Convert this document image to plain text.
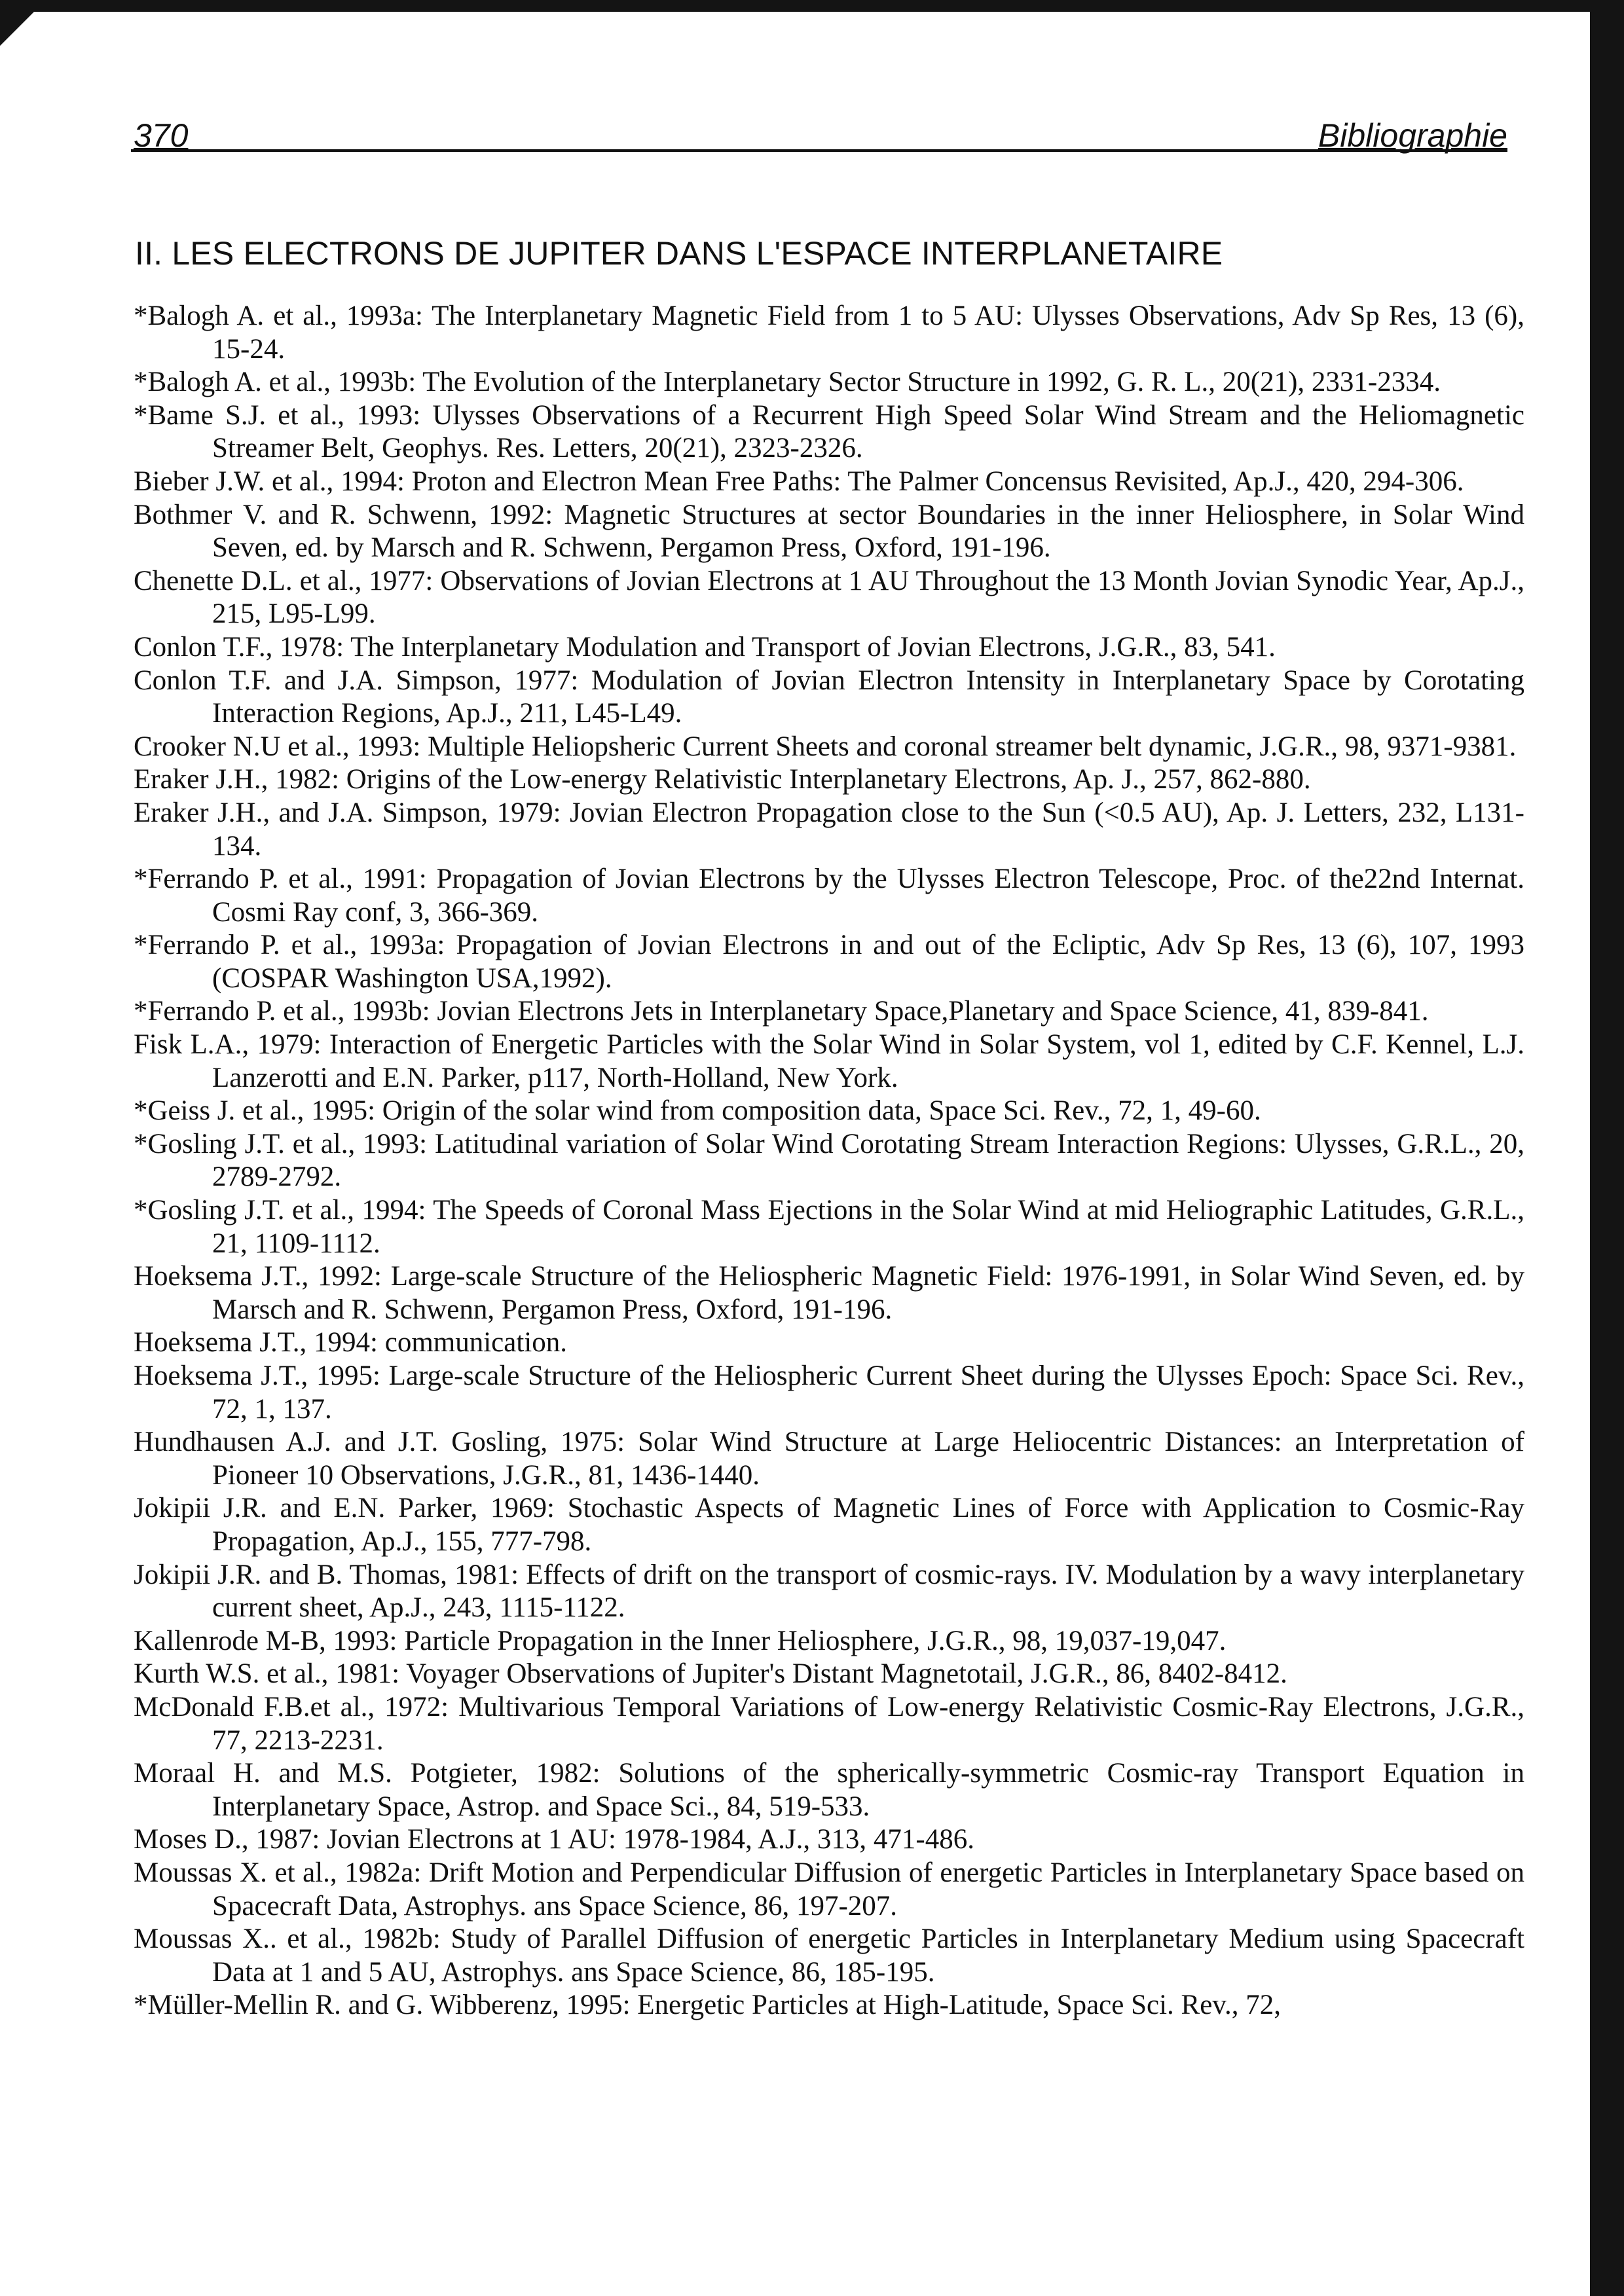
370	Bibliographie
II. LES ELECTRONS DE JUPITER DANS L'ESPACE INTERPLANETAIRE
*Balogh A. et al., 1993a: The Interplanetary Magnetic Field from 1 to 5 AU: Ulysses Observations, Adv Sp Res, 13 (6), 15-24.
*Balogh A. et al., 1993b: The Evolution of the Interplanetary Sector Structure in 1992, G. R. L., 20(21), 2331-2334.
*Bame S.J. et al., 1993: Ulysses Observations of a Recurrent High Speed Solar Wind Stream and the Heliomagnetic Streamer Belt, Geophys. Res. Letters, 20(21), 2323-2326.
Bieber J.W. et al., 1994: Proton and Electron Mean Free Paths: The Palmer Concensus Revisited, Ap.J., 420, 294-306.
Bothmer V. and R. Schwenn, 1992: Magnetic Structures at sector Boundaries in the inner Heliosphere, in Solar Wind Seven, ed. by Marsch and R. Schwenn, Pergamon Press, Oxford, 191-196.
Chenette D.L. et al., 1977: Observations of Jovian Electrons at 1 AU Throughout the 13 Month Jovian Synodic Year, Ap.J., 215, L95-L99.
Conlon T.F., 1978: The Interplanetary Modulation and Transport of Jovian Electrons, J.G.R., 83, 541.
Conlon T.F. and J.A. Simpson, 1977: Modulation of Jovian Electron Intensity in Interplanetary Space by Corotating Interaction Regions, Ap.J., 211, L45-L49.
Crooker N.U et al., 1993: Multiple Heliopsheric Current Sheets and coronal streamer belt dynamic, J.G.R., 98, 9371-9381.
Eraker J.H., 1982: Origins of the Low-energy Relativistic Interplanetary Electrons, Ap. J., 257, 862-880.
Eraker J.H., and J.A. Simpson, 1979: Jovian Electron Propagation close to the Sun (<0.5 AU), Ap. J. Letters, 232, L131-134.
*Ferrando P. et al., 1991: Propagation of Jovian Electrons by the Ulysses Electron Telescope, Proc. of the22nd Internat. Cosmi Ray conf, 3, 366-369.
*Ferrando P. et al., 1993a: Propagation of Jovian Electrons in and out of the Ecliptic, Adv Sp Res, 13 (6), 107, 1993 (COSPAR Washington USA,1992).
*Ferrando P. et al., 1993b: Jovian Electrons Jets in Interplanetary Space,Planetary and Space Science, 41, 839-841.
Fisk L.A., 1979: Interaction of Energetic Particles with the Solar Wind in Solar System, vol 1, edited by C.F. Kennel, L.J. Lanzerotti and E.N. Parker, p117, North-Holland, New York.
*Geiss J. et al., 1995: Origin of the solar wind from composition data, Space Sci. Rev., 72, 1, 49-60.
*Gosling J.T. et al., 1993: Latitudinal variation of Solar Wind Corotating Stream Interaction Regions: Ulysses, G.R.L., 20, 2789-2792.
*Gosling J.T. et al., 1994: The Speeds of Coronal Mass Ejections in the Solar Wind at mid Heliographic Latitudes, G.R.L., 21, 1109-1112.
Hoeksema J.T., 1992: Large-scale Structure of the Heliospheric Magnetic Field: 1976-1991, in Solar Wind Seven, ed. by Marsch and R. Schwenn, Pergamon Press, Oxford, 191-196.
Hoeksema J.T., 1994: communication.
Hoeksema J.T., 1995: Large-scale Structure of the Heliospheric Current Sheet during the Ulysses Epoch: Space Sci. Rev., 72, 1, 137.
Hundhausen A.J. and J.T. Gosling, 1975: Solar Wind Structure at Large Heliocentric Distances: an Interpretation of Pioneer 10 Observations, J.G.R., 81, 1436-1440.
Jokipii J.R. and E.N. Parker, 1969: Stochastic Aspects of Magnetic Lines of Force with Application to Cosmic-Ray Propagation, Ap.J., 155, 777-798.
Jokipii J.R. and B. Thomas, 1981: Effects of drift on the transport of cosmic-rays. IV. Modulation by a wavy interplanetary current sheet, Ap.J., 243, 1115-1122.
Kallenrode M-B, 1993: Particle Propagation in the Inner Heliosphere, J.G.R., 98, 19,037-19,047.
Kurth W.S. et al., 1981: Voyager Observations of Jupiter's Distant Magnetotail, J.G.R., 86, 8402-8412.
McDonald F.B.et al., 1972: Multivarious Temporal Variations of Low-energy Relativistic Cosmic-Ray Electrons, J.G.R., 77, 2213-2231.
Moraal H. and M.S. Potgieter, 1982: Solutions of the spherically-symmetric Cosmic-ray Transport Equation in Interplanetary Space, Astrop. and Space Sci., 84, 519-533.
Moses D., 1987: Jovian Electrons at 1 AU: 1978-1984, A.J., 313, 471-486.
Moussas X. et al., 1982a: Drift Motion and Perpendicular Diffusion of energetic Particles in Interplanetary Space based on Spacecraft Data, Astrophys. ans Space Science, 86, 197-207.
Moussas X.. et al., 1982b: Study of Parallel Diffusion of energetic Particles in Interplanetary Medium using Spacecraft Data at 1 and 5 AU, Astrophys. ans Space Science, 86, 185-195.
*Müller-Mellin R. and G. Wibberenz, 1995: Energetic Particles at High-Latitude, Space Sci. Rev., 72,
